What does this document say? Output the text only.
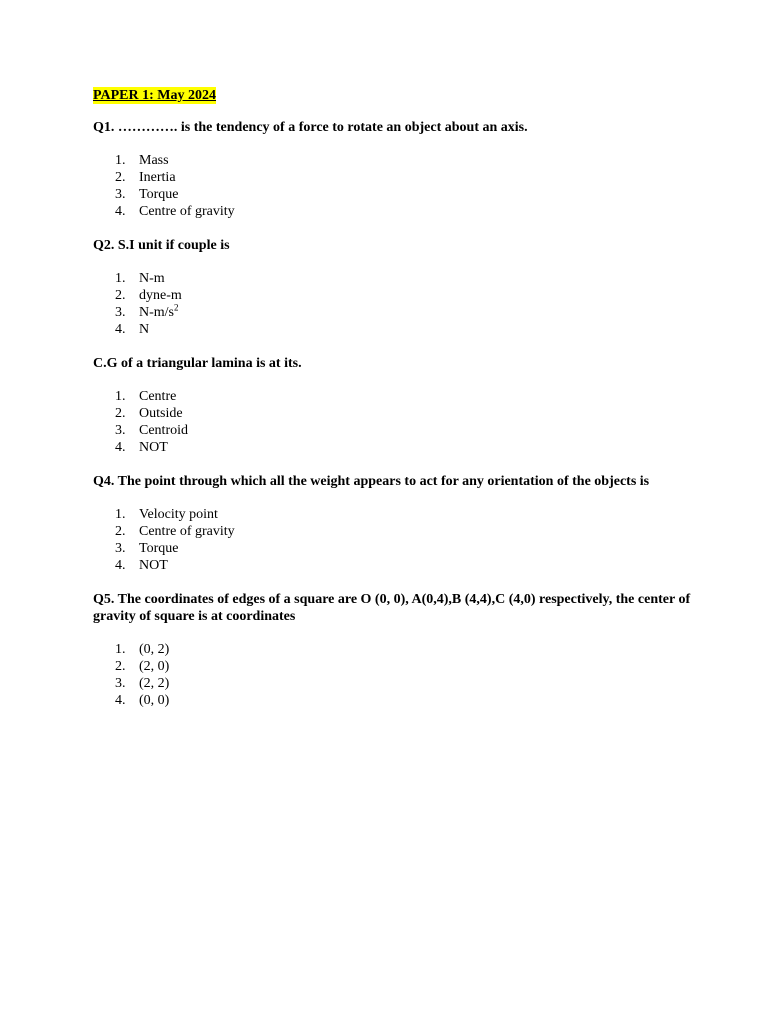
PAPER 1: May 2024
Q1. …………. is the tendency of a force to rotate an object about an axis.
1. Mass
2. Inertia
3. Torque
4. Centre of gravity
Q2. S.I unit if couple is
1. N-m
2. dyne-m
3. $N-m/s^2$
4. N
C.G of a triangular lamina is at its.
1. Centre
2. Outside
3. Centroid
4. NOT
Q4. The point through which all the weight appears to act for any orientation of the objects is
1. Velocity point
2. Centre of gravity
3. Torque
4. NOT
Q5. The coordinates of edges of a square are O (0, 0), A(0,4),B (4,4),C (4,0) respectively, the center of gravity of square is at coordinates
1. (0, 2)
2. (2, 0)
3. (2, 2)
4. (0, 0)
